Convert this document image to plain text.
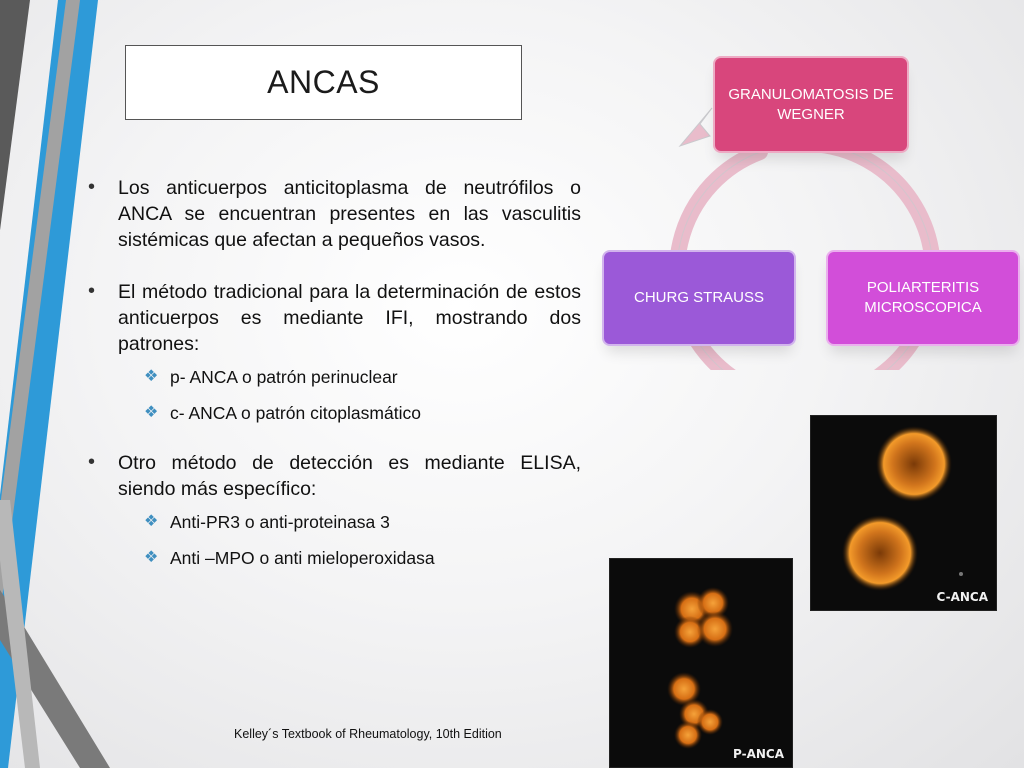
ANCAS
• Los anticuerpos anticitoplasma de neutrófilos o ANCA se encuentran presentes en las vasculitis sistémicas que afectan a pequeños vasos.

• El método tradicional para la determinación de estos anticuerpos es mediante IFI, mostrando dos patrones:

❖ p- ANCA o patrón perinuclear
❖ c- ANCA o patrón citoplasmático
• Otro método de detección es mediante ELISA, siendo más específico:

❖ Anti-PR3 o anti-proteinasa 3
❖ Anti –MPO o anti mieloperoxidasa
Kelley´s Textbook of Rheumatology, 10th Edition
GRANULOMATOSIS DE WEGNER
POLIARTERITIS MICROSCOPICA
CHURG STRAUSS
C-ANCA
P-ANCA
